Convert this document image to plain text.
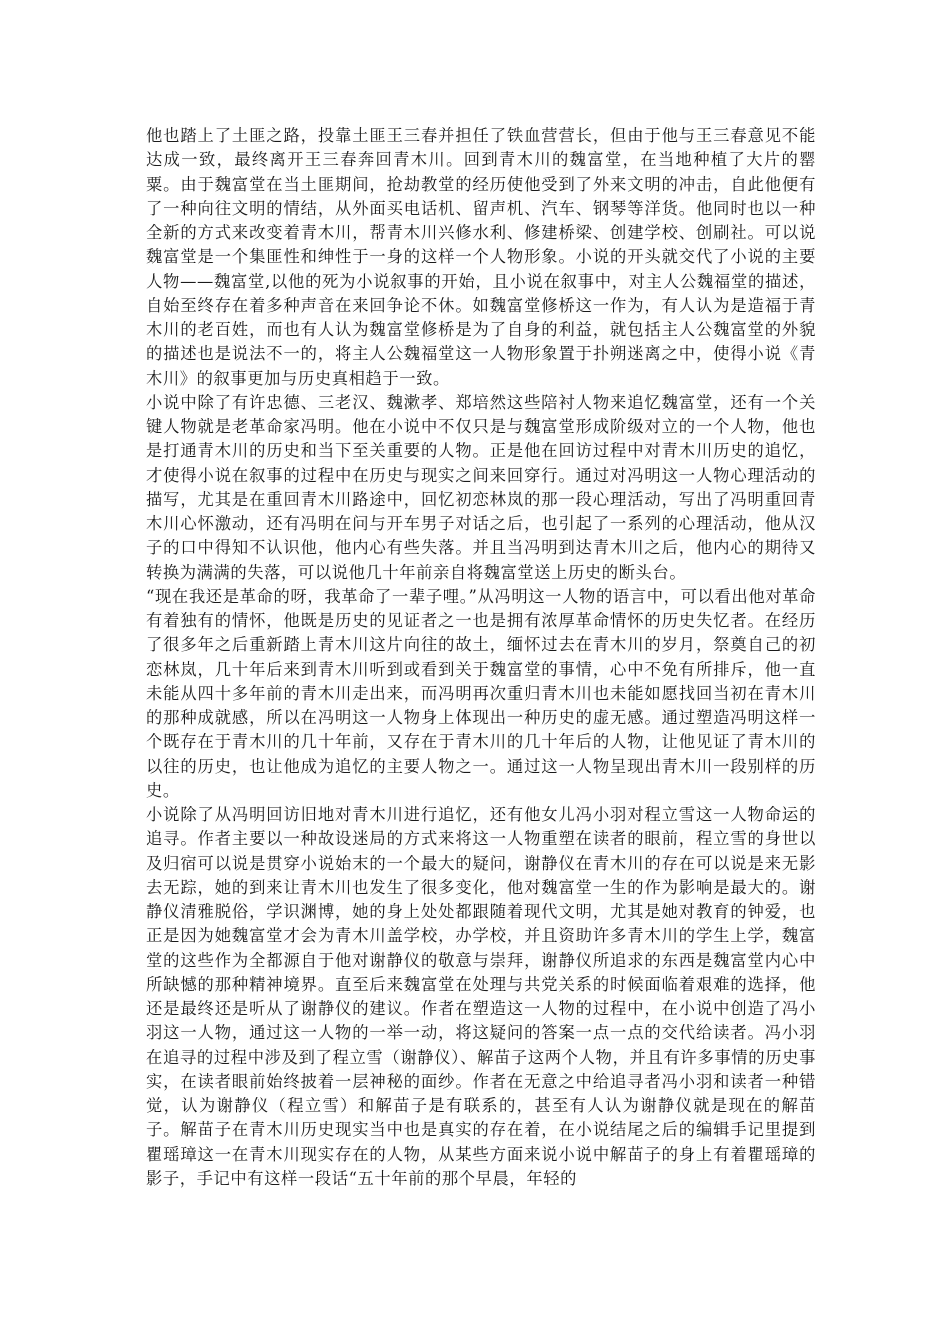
他也踏上了土匪之路，投靠土匪王三春并担任了铁血营营长，但由于他与王三春意见不能达成一致，最终离开王三春奔回青木川。回到青木川的魏富堂，在当地种植了大片的罂粟。由于魏富堂在当土匪期间，抢劫教堂的经历使他受到了外来文明的冲击，自此他便有了一种向往文明的情结，从外面买电话机、留声机、汽车、钢琴等洋货。他同时也以一种全新的方式来改变着青木川，帮青木川兴修水利、修建桥梁、创建学校、创刷社。可以说魏富堂是一个集匪性和绅性于一身的这样一个人物形象。小说的开头就交代了小说的主要人物——魏富堂,以他的死为小说叙事的开始，且小说在叙事中，对主人公魏福堂的描述，自始至终存在着多种声音在来回争论不休。如魏富堂修桥这一作为，有人认为是造福于青木川的老百姓，而也有人认为魏富堂修桥是为了自身的利益，就包括主人公魏富堂的外貌的描述也是说法不一的，将主人公魏福堂这一人物形象置于扑朔迷离之中，使得小说《青木川》的叙事更加与历史真相趋于一致。

小说中除了有许忠德、三老汉、魏漱孝、郑培然这些陪衬人物来追忆魏富堂，还有一个关键人物就是老革命家冯明。他在小说中不仅只是与魏富堂形成阶级对立的一个人物，他也是打通青木川的历史和当下至关重要的人物。正是他在回访过程中对青木川历史的追忆，才使得小说在叙事的过程中在历史与现实之间来回穿行。通过对冯明这一人物心理活动的描写，尤其是在重回青木川路途中，回忆初恋林岚的那一段心理活动，写出了冯明重回青木川心怀激动，还有冯明在问与开车男子对话之后，也引起了一系列的心理活动，他从汉子的口中得知不认识他，他内心有些失落。并且当冯明到达青木川之后，他内心的期待又转换为满满的失落，可以说他几十年前亲自将魏富堂送上历史的断头台。

“现在我还是革命的呀，我革命了一辈子哩。”从冯明这一人物的语言中，可以看出他对革命有着独有的情怀，他既是历史的见证者之一也是拥有浓厚革命情怀的历史失忆者。在经历了很多年之后重新踏上青木川这片向往的故土，缅怀过去在青木川的岁月，祭奠自己的初恋林岚，几十年后来到青木川听到或看到关于魏富堂的事情，心中不免有所排斥，他一直未能从四十多年前的青木川走出来，而冯明再次重归青木川也未能如愿找回当初在青木川的那种成就感，所以在冯明这一人物身上体现出一种历史的虚无感。通过塑造冯明这样一个既存在于青木川的几十年前，又存在于青木川的几十年后的人物，让他见证了青木川的以往的历史，也让他成为追忆的主要人物之一。通过这一人物呈现出青木川一段别样的历史。

小说除了从冯明回访旧地对青木川进行追忆，还有他女儿冯小羽对程立雪这一人物命运的追寻。作者主要以一种故设迷局的方式来将这一人物重塑在读者的眼前，程立雪的身世以及归宿可以说是贯穿小说始末的一个最大的疑问，谢静仪在青木川的存在可以说是来无影去无踪，她的到来让青木川也发生了很多变化，他对魏富堂一生的作为影响是最大的。谢静仪清雅脱俗，学识渊博，她的身上处处都跟随着现代文明，尤其是她对教育的钟爱，也正是因为她魏富堂才会为青木川盖学校，办学校，并且资助许多青木川的学生上学，魏富堂的这些作为全都源自于他对谢静仪的敬意与崇拜，谢静仪所追求的东西是魏富堂内心中所缺憾的那种精神境界。直至后来魏富堂在处理与共党关系的时候面临着艰难的选择，他还是最终还是听从了谢静仪的建议。作者在塑造这一人物的过程中，在小说中创造了冯小羽这一人物，通过这一人物的一举一动，将这疑问的答案一点一点的交代给读者。冯小羽在追寻的过程中涉及到了程立雪（谢静仪）、解苗子这两个人物，并且有许多事情的历史事实，在读者眼前始终披着一层神秘的面纱。作者在无意之中给追寻者冯小羽和读者一种错觉，认为谢静仪（程立雪）和解苗子是有联系的，甚至有人认为谢静仪就是现在的解苗子。解苗子在青木川历史现实当中也是真实的存在着，在小说结尾之后的编辑手记里提到瞿瑶璋这一在青木川现实存在的人物，从某些方面来说小说中解苗子的身上有着瞿瑶璋的影子，手记中有这样一段话“五十年前的那个早晨，年轻的
